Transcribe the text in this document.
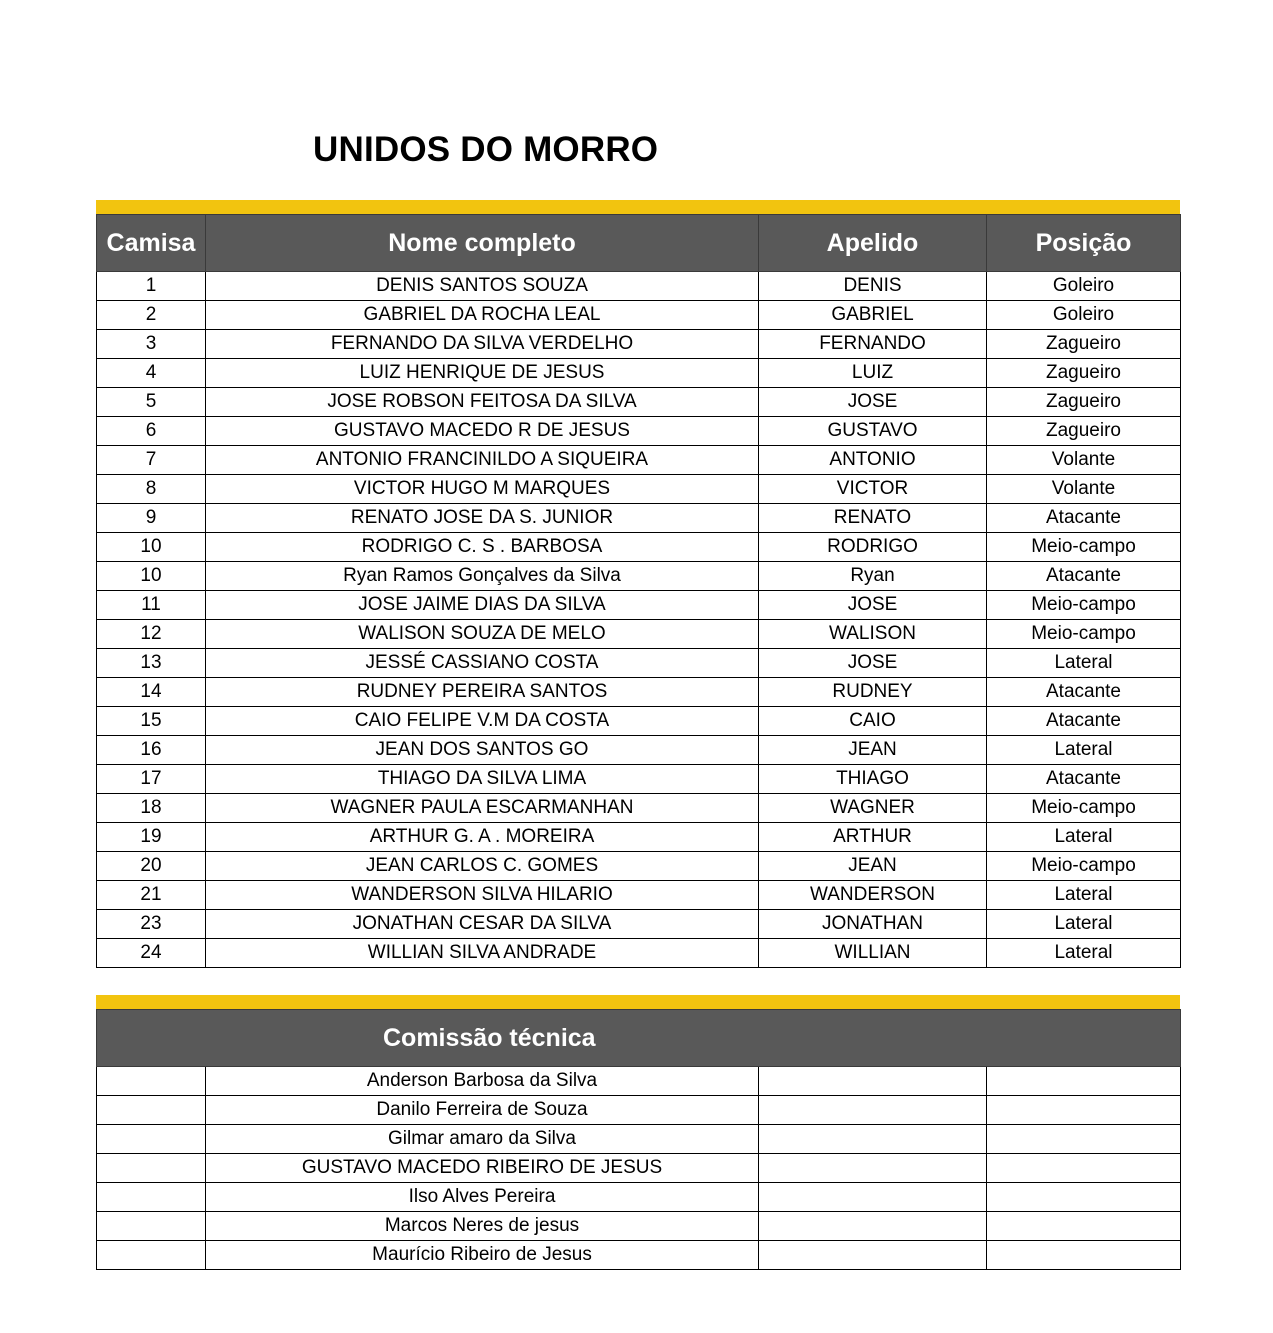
UNIDOS DO MORRO
Camisa	Nome completo	Apelido	Posição
1	DENIS SANTOS SOUZA	DENIS	Goleiro
2	GABRIEL DA ROCHA LEAL	GABRIEL	Goleiro
3	FERNANDO DA SILVA VERDELHO	FERNANDO	Zagueiro
4	LUIZ HENRIQUE DE JESUS	LUIZ	Zagueiro
5	JOSE ROBSON FEITOSA DA SILVA	JOSE	Zagueiro
6	GUSTAVO MACEDO R DE JESUS	GUSTAVO	Zagueiro
7	ANTONIO FRANCINILDO A SIQUEIRA	ANTONIO	Volante
8	VICTOR HUGO M MARQUES	VICTOR	Volante
9	RENATO JOSE DA S. JUNIOR	RENATO	Atacante
10	RODRIGO C. S . BARBOSA	RODRIGO	Meio-campo
10	Ryan Ramos Gonçalves da Silva	Ryan	Atacante
11	JOSE JAIME DIAS DA SILVA	JOSE	Meio-campo
12	WALISON SOUZA DE MELO	WALISON	Meio-campo
13	JESSÉ CASSIANO COSTA	JOSE	Lateral
14	RUDNEY PEREIRA SANTOS	RUDNEY	Atacante
15	CAIO FELIPE V.M DA COSTA	CAIO	Atacante
16	JEAN DOS SANTOS GO	JEAN	Lateral
17	THIAGO DA SILVA LIMA	THIAGO	Atacante
18	WAGNER PAULA ESCARMANHAN	WAGNER	Meio-campo
19	ARTHUR G. A . MOREIRA	ARTHUR	Lateral
20	JEAN CARLOS C. GOMES	JEAN	Meio-campo
21	WANDERSON SILVA HILARIO	WANDERSON	Lateral
23	JONATHAN CESAR DA SILVA	JONATHAN	Lateral
24	WILLIAN SILVA ANDRADE	WILLIAN	Lateral
Comissão técnica			
	Anderson Barbosa da Silva		
	Danilo Ferreira de Souza		
	Gilmar amaro da Silva		
	GUSTAVO MACEDO RIBEIRO DE JESUS		
	Ilso Alves Pereira		
	Marcos Neres de jesus		
	Maurício Ribeiro de Jesus		
